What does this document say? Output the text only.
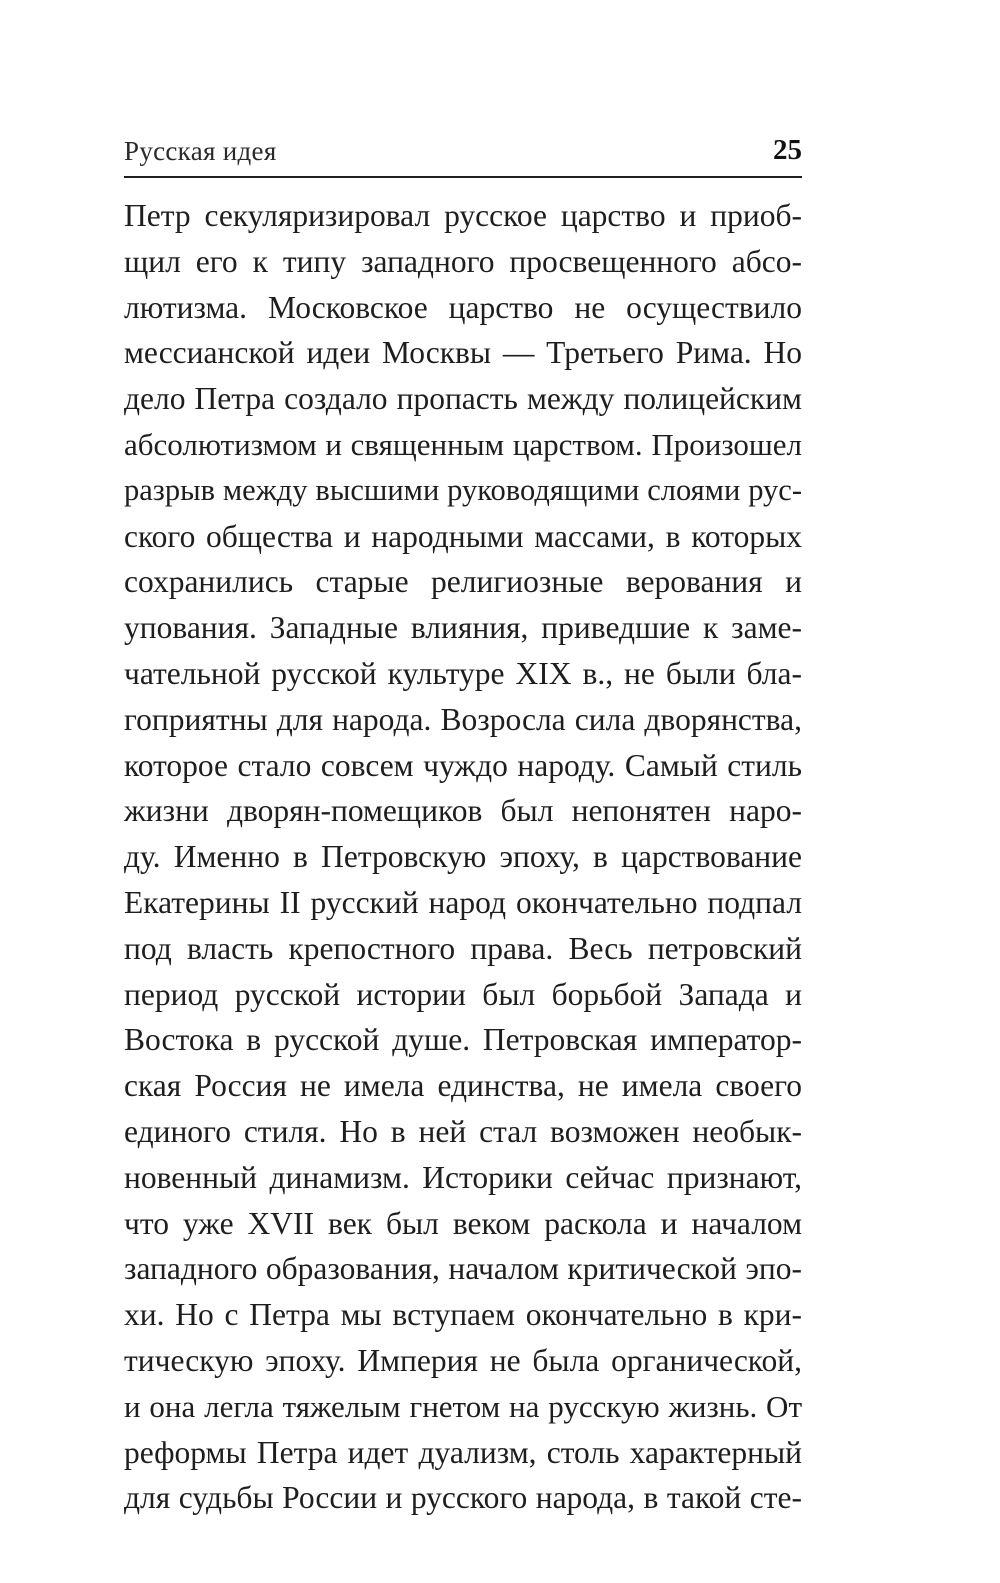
Русская идея	25
Петр секуляризировал русское царство и приоб-
щил его к типу западного просвещенного абсо-
лютизма. Московское царство не осуществило
мессианской идеи Москвы — Третьего Рима. Но
дело Петра создало пропасть между полицейским
абсолютизмом и священным царством. Произошел
разрыв между высшими руководящими слоями рус-
ского общества и народными массами, в которых
сохранились старые религиозные верования и
упования. Западные влияния, приведшие к заме-
чательной русской культуре XIX в., не были бла-
гоприятны для народа. Возросла сила дворянства,
которое стало совсем чуждо народу. Самый стиль
жизни дворян-помещиков был непонятен наро-
ду. Именно в Петровскую эпоху, в царствование
Екатерины II русский народ окончательно подпал
под власть крепостного права. Весь петровский
период русской истории был борьбой Запада и
Востока в русской душе. Петровская император-
ская Россия не имела единства, не имела своего
единого стиля. Но в ней стал возможен необык-
новенный динамизм. Историки сейчас признают,
что уже XVII век был веком раскола и началом
западного образования, началом критической эпо-
хи. Но с Петра мы вступаем окончательно в кри-
тическую эпоху. Империя не была органической,
и она легла тяжелым гнетом на русскую жизнь. От
реформы Петра идет дуализм, столь характерный
для судьбы России и русского народа, в такой сте-
